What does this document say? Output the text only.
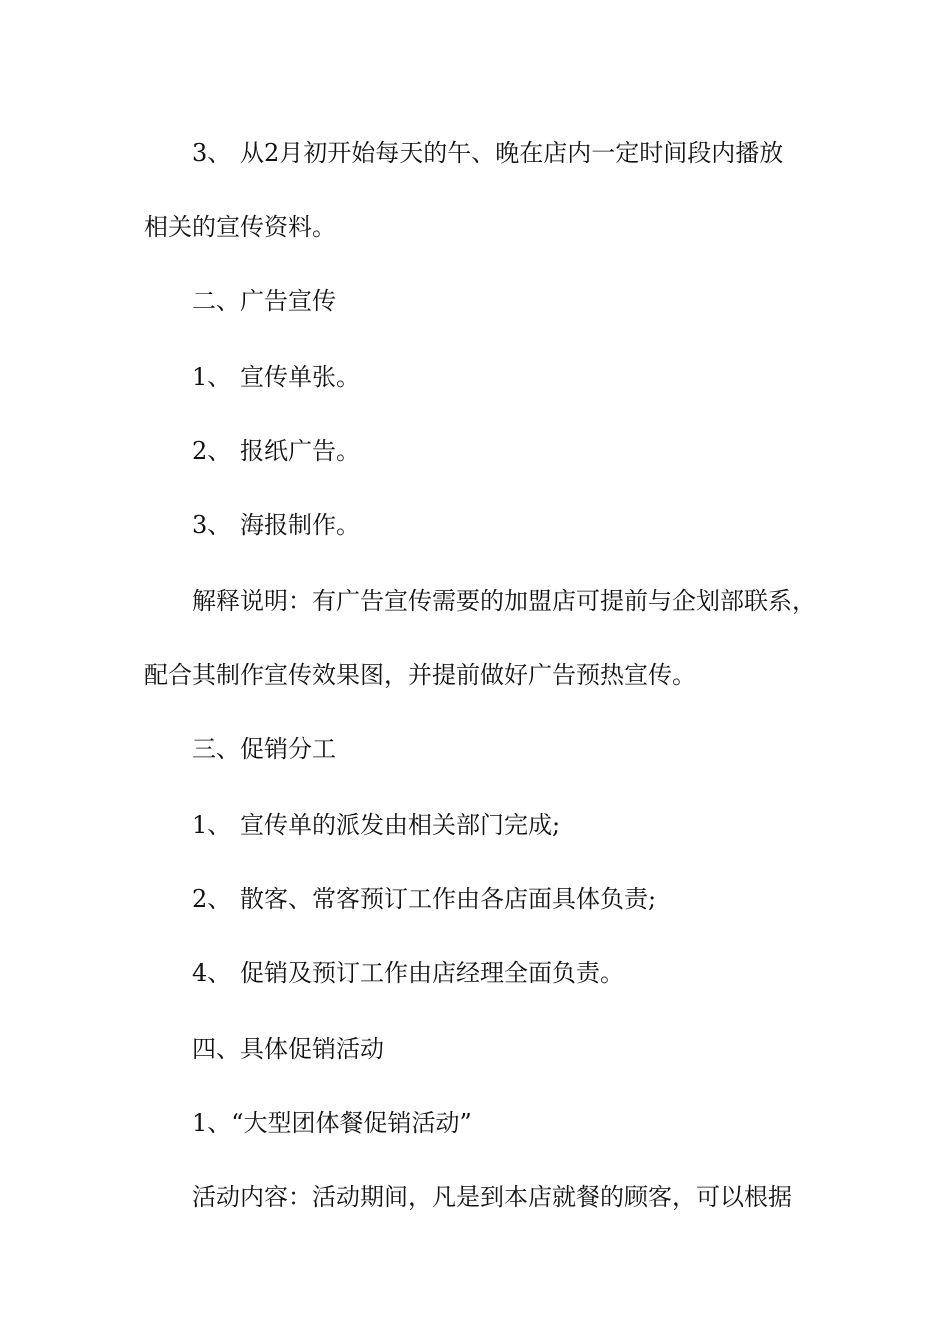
3、 从2月初开始每天的午、晚在店内一定时间段内播放
相关的宣传资料。
二、广告宣传
1、 宣传单张。
2、 报纸广告。
3、 海报制作。
解释说明：有广告宣传需要的加盟店可提前与企划部联系，
配合其制作宣传效果图，并提前做好广告预热宣传。
三、促销分工
1、 宣传单的派发由相关部门完成;
2、 散客、常客预订工作由各店面具体负责;
4、 促销及预订工作由店经理全面负责。
四、具体促销活动
1、“大型团体餐促销活动”
活动内容：活动期间，凡是到本店就餐的顾客，可以根据
